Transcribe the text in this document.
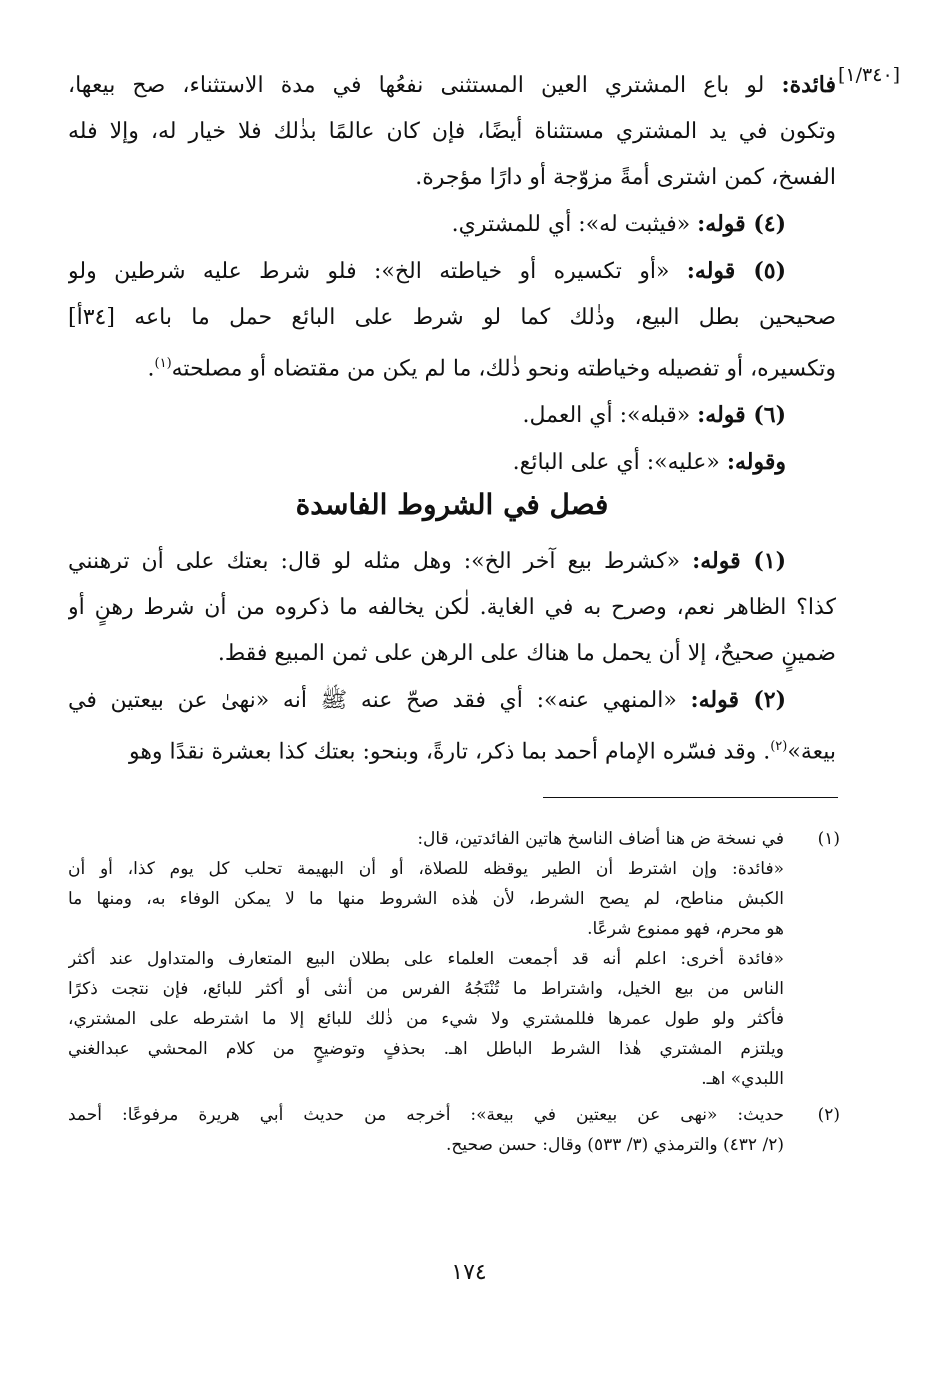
[١/٣٤٠]
فائدة: لو باع المشتري العين المستثنى نفعُها في مدة الاستثناء، صح بيعها،
وتكون في يد المشتري مستثناة أيضًا، فإن كان عالمًا بذٰلك فلا خيار له، وإلا فله
الفسخ، كمن اشترى أمةً مزوّجة أو دارًا مؤجرة.
(٤) قوله: «فيثبت له»: أي للمشتري.
(٥) قوله: «أو تكسيره أو خياطته الخ»: فلو شرط عليه شرطين ولو
صحيحين بطل البيع، وذٰلك كما لو شرط على البائع حمل ما باعه [٣٤أ]
وتكسيره، أو تفصيله وخياطته ونحو ذٰلك، ما لم يكن من مقتضاه أو مصلحته$^{(١)}$.
(٦) قوله: «قبله»: أي العمل.
وقوله: «عليه»: أي على البائع.
فصل في الشروط الفاسدة
(١) قوله: «كشرط بيع آخر الخ»: وهل مثله لو قال: بعتك على أن ترهنني
كذا؟ الظاهر نعم، وصرح به في الغاية. لٰكن يخالفه ما ذكروه من أن شرط رهنٍ أو
ضمينٍ صحيحٌ، إلا أن يحمل ما هناك على الرهن على ثمن المبيع فقط.
(٢) قوله: «المنهي عنه»: أي فقد صحّ عنه ﷺ أنه «نهىٰ عن بيعتين في
بيعة»$^{(٢)}$. وقد فسّره الإمام أحمد بما ذكر، تارةً، وبنحو: بعتك كذا بعشرة نقدًا وهو
(١)
في نسخة ض هنا أضاف الناسخ هاتين الفائدتين، قال:
«فائدة: وإن اشترط أن الطير يوقظه للصلاة، أو أن البهيمة تحلب كل يوم كذا، أو أن
الكبش مناطح، لم يصح الشرط، لأن هٰذه الشروط منها ما لا يمكن الوفاء به، ومنها ما
هو محرم، فهو ممنوع شرعًا.
«فائدة أخرى: اعلم أنه قد أجمعت العلماء على بطلان البيع المتعارف والمتداول عند أكثر
الناس من بيع الخيل، واشتراط ما تُنْتَجُهُ الفرس من أنثى أو أكثر للبائع، فإن نتجت ذكرًا
فأكثر ولو طول عمرها فللمشتري ولا شيء من ذٰلك للبائع إلا ما اشترطه على المشتري،
ويلتزم المشتري هٰذا الشرط الباطل اهـ. بحذفٍ وتوضيحٍ من كلام المحشي عبدالغني
اللبدي» اهـ.
(٢)
حديث: «نهى عن بيعتين في بيعة»: أخرجه من حديث أبي هريرة مرفوعًا: أحمد
(٢/ ٤٣٢) والترمذي (٣/ ٥٣٣) وقال: حسن صحيح.
١٧٤
